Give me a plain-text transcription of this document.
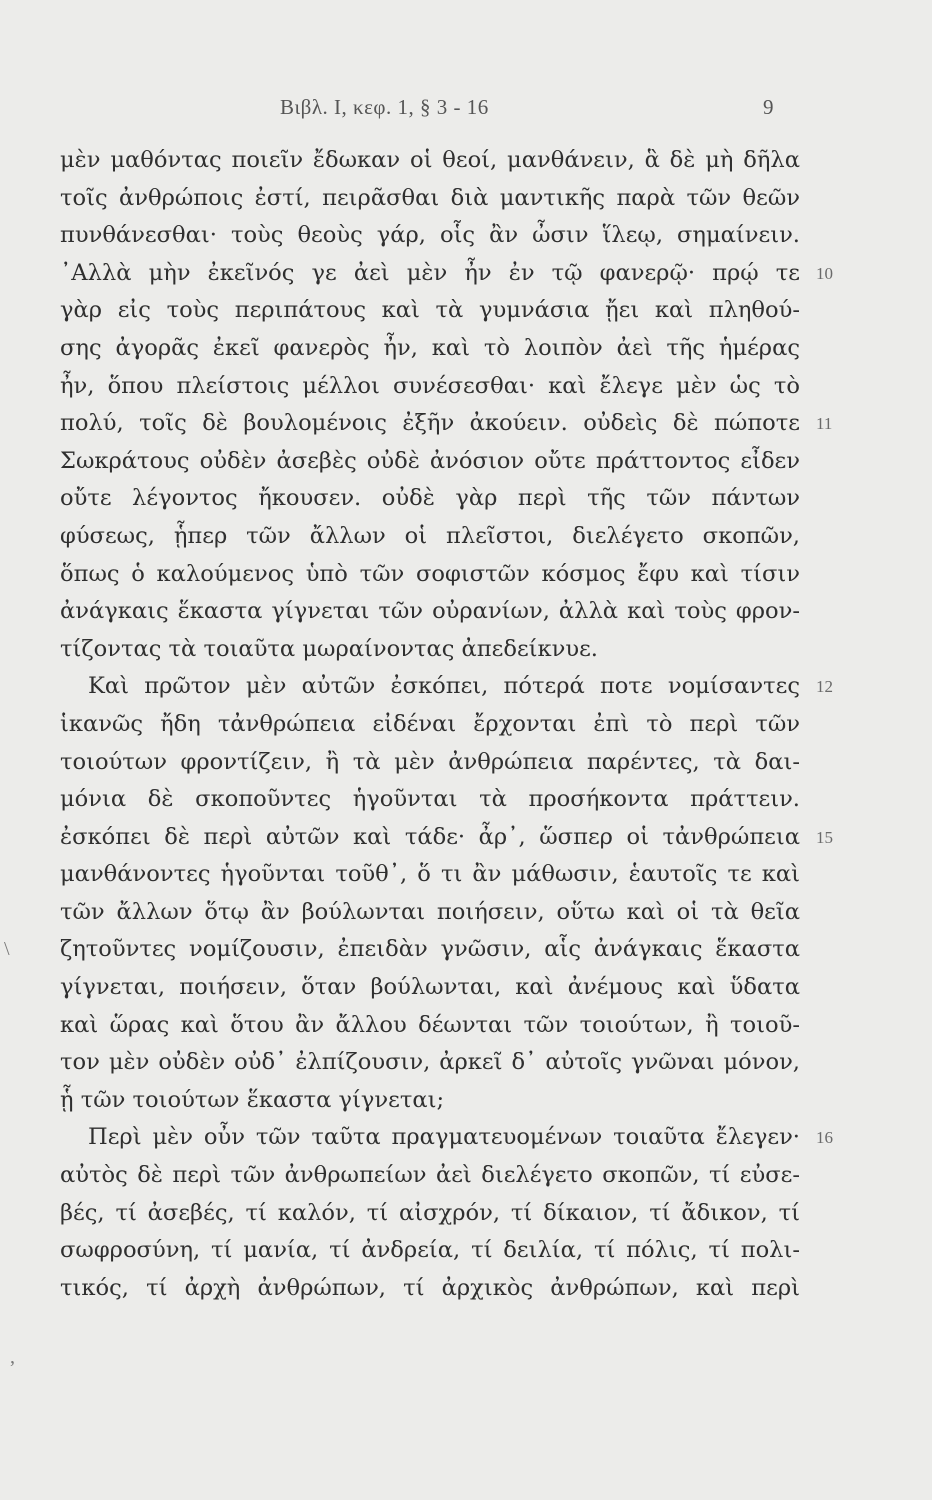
Βιβλ. Ι, κεφ. 1, § 3 - 16	9
μὲν μαθόντας ποιεῖν ἔδωκαν οἱ θεοί, μανθάνειν, ἃ δὲ μὴ δῆλα
τοῖς ἀνθρώποις ἐστί, πειρᾶσθαι διὰ μαντικῆς παρὰ τῶν θεῶν
πυνθάνεσθαι· τοὺς θεοὺς γάρ, οἷς ἂν ὦσιν ἵλεῳ, σημαίνειν.
᾿Αλλὰ μὴν ἐκεῖνός γε ἀεὶ μὲν ἦν ἐν τῷ φανερῷ· πρῴ τε 10
γὰρ εἰς τοὺς περιπάτους καὶ τὰ γυμνάσια ᾔει καὶ πληθού-
σης ἀγορᾶς ἐκεῖ φανερὸς ἦν, καὶ τὸ λοιπὸν ἀεὶ τῆς ἡμέρας
ἦν, ὅπου πλείστοις μέλλοι συνέσεσθαι· καὶ ἔλεγε μὲν ὡς τὸ
πολύ, τοῖς δὲ βουλομένοις ἐξῆν ἀκούειν. οὐδεὶς δὲ πώποτε 11
Σωκράτους οὐδὲν ἀσεβὲς οὐδὲ ἀνόσιον οὔτε πράττοντος εἶδεν
οὔτε λέγοντος ἤκουσεν. οὐδὲ γὰρ περὶ τῆς τῶν πάντων
φύσεως, ᾗπερ τῶν ἄλλων οἱ πλεῖστοι, διελέγετο σκοπῶν,
ὅπως ὁ καλούμενος ὑπὸ τῶν σοφιστῶν κόσμος ἔφυ καὶ τίσιν
ἀνάγκαις ἕκαστα γίγνεται τῶν οὐρανίων, ἀλλὰ καὶ τοὺς φρον-
τίζοντας τὰ τοιαῦτα μωραίνοντας ἀπεδείκνυε.
Καὶ πρῶτον μὲν αὐτῶν ἐσκόπει, πότερά ποτε νομίσαντες 12
ἱκανῶς ἤδη τἀνθρώπεια εἰδέναι ἔρχονται ἐπὶ τὸ περὶ τῶν
τοιούτων φροντίζειν, ἢ τὰ μὲν ἀνθρώπεια παρέντες, τὰ δαι-
μόνια δὲ σκοποῦντες ἡγοῦνται τὰ προσήκοντα πράττειν.
ἐσκόπει δὲ περὶ αὐτῶν καὶ τάδε· ἆρ᾽, ὥσπερ οἱ τἀνθρώπεια 15
μανθάνοντες ἡγοῦνται τοῦθ᾽, ὅ τι ἂν μάθωσιν, ἑαυτοῖς τε καὶ
τῶν ἄλλων ὅτῳ ἂν βούλωνται ποιήσειν, οὕτω καὶ οἱ τὰ θεῖα
ζητοῦντες νομίζουσιν, ἐπειδὰν γνῶσιν, αἷς ἀνάγκαις ἕκαστα
γίγνεται, ποιήσειν, ὅταν βούλωνται, καὶ ἀνέμους καὶ ὕδατα
καὶ ὥρας καὶ ὅτου ἂν ἄλλου δέωνται τῶν τοιούτων, ἢ τοιοῦ-
τον μὲν οὐδὲν οὐδ᾽ ἐλπίζουσιν, ἀρκεῖ δ᾽ αὐτοῖς γνῶναι μόνον,
ᾗ τῶν τοιούτων ἕκαστα γίγνεται;
Περὶ μὲν οὖν τῶν ταῦτα πραγματευομένων τοιαῦτα ἔλεγεν· 16
αὐτὸς δὲ περὶ τῶν ἀνθρωπείων ἀεὶ διελέγετο σκοπῶν, τί εὐσε-
βές, τί ἀσεβές, τί καλόν, τί αἰσχρόν, τί δίκαιον, τί ἄδικον, τί
σωφροσύνη, τί μανία, τί ἀνδρεία, τί δειλία, τί πόλις, τί πολι-
τικός, τί ἀρχὴ ἀνθρώπων, τί ἀρχικὸς ἀνθρώπων, καὶ περὶ
\
,
